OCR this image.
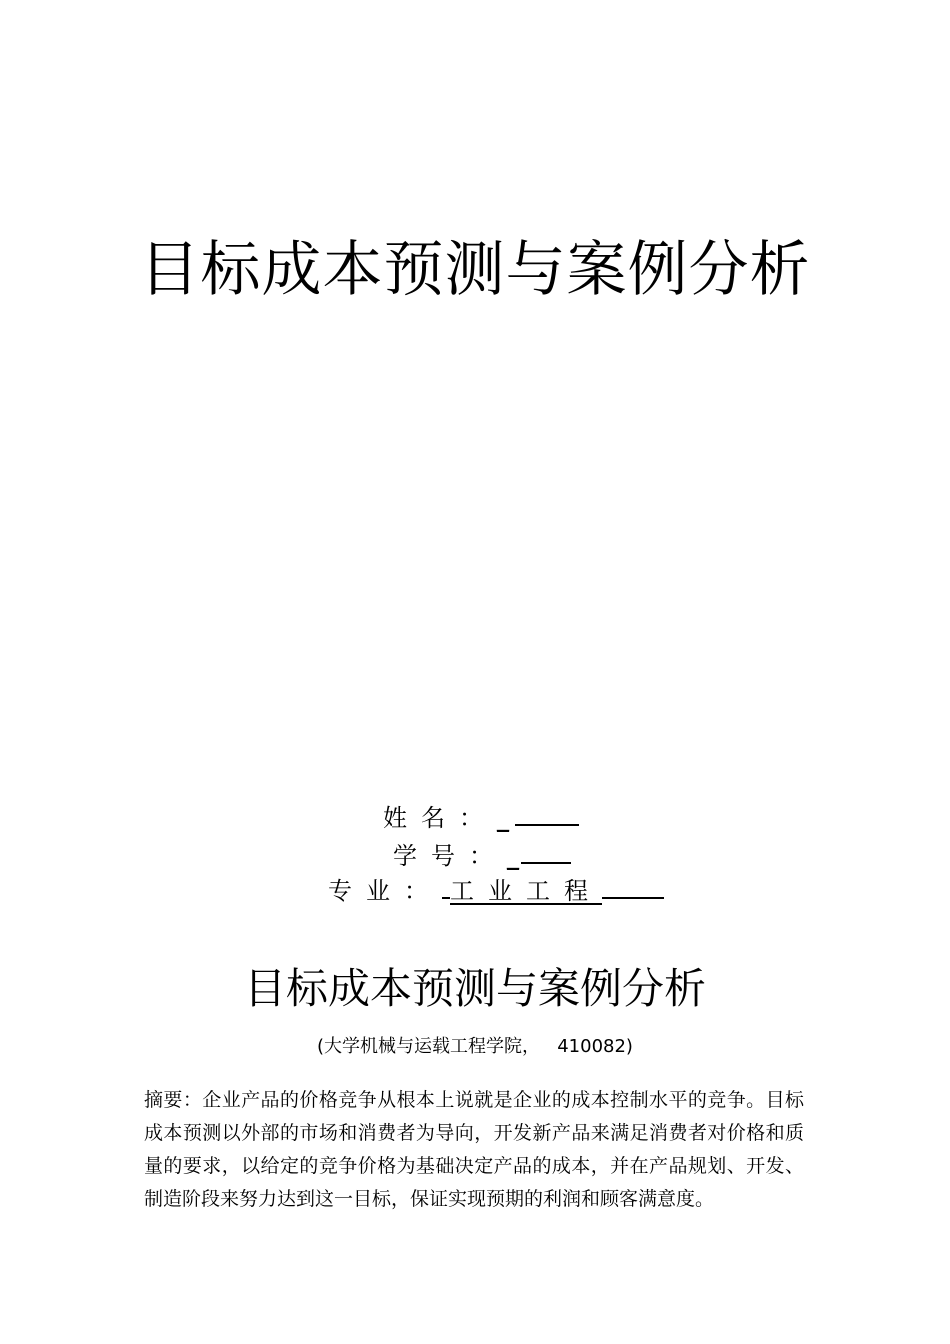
目标成本预测与案例分析
姓名： _
学号： _
专业： 工业工程
目标成本预测与案例分析
(大学机械与运载工程学院，   410082)

摘要：企业产品的价格竞争从根本上说就是企业的成本控制水平的竞争。目标成本预测以外部的市场和消费者为导向，开发新产品来满足消费者对价格和质量的要求，以给定的竞争价格为基础决定产品的成本，并在产品规划、开发、制造阶段来努力达到这一目标，保证实现预期的利润和顾客满意度。
